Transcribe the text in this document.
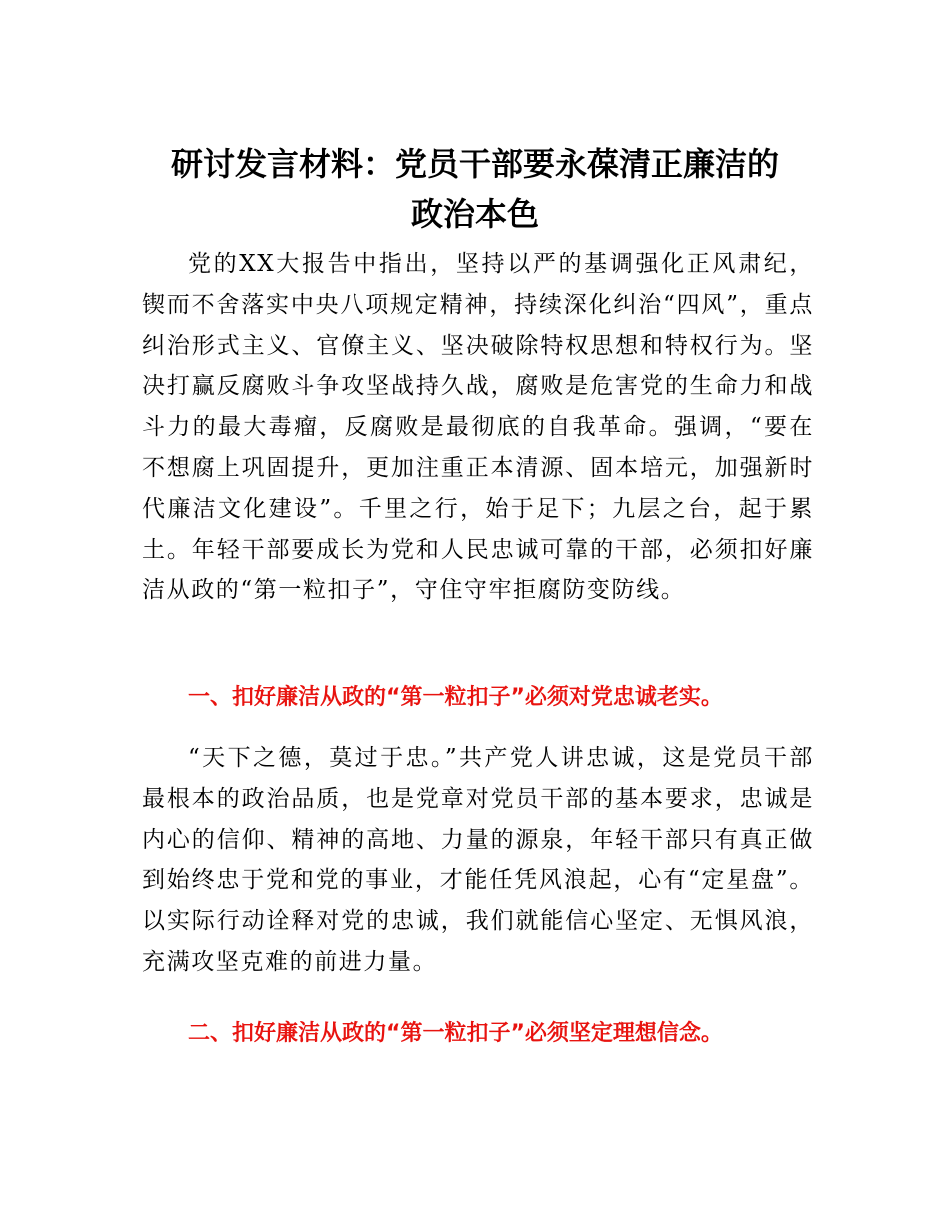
研讨发言材料：党员干部要永葆清正廉洁的
政治本色

党的XX大报告中指出，坚持以严的基调强化正风肃纪，锲而不舍落实中央八项规定精神，持续深化纠治“四风”，重点纠治形式主义、官僚主义、坚决破除特权思想和特权行为。坚决打赢反腐败斗争攻坚战持久战，腐败是危害党的生命力和战斗力的最大毒瘤，反腐败是最彻底的自我革命。强调，“要在不想腐上巩固提升，更加注重正本清源、固本培元，加强新时代廉洁文化建设”。千里之行，始于足下；九层之台，起于累土。年轻干部要成长为党和人民忠诚可靠的干部，必须扣好廉洁从政的“第一粒扣子”，守住守牢拒腐防变防线。

一、扣好廉洁从政的“第一粒扣子”必须对党忠诚老实。

“天下之德，莫过于忠。”共产党人讲忠诚，这是党员干部最根本的政治品质，也是党章对党员干部的基本要求，忠诚是内心的信仰、精神的高地、力量的源泉，年轻干部只有真正做到始终忠于党和党的事业，才能任凭风浪起，心有“定星盘”。以实际行动诠释对党的忠诚，我们就能信心坚定、无惧风浪，充满攻坚克难的前进力量。

二、扣好廉洁从政的“第一粒扣子”必须坚定理想信念。
